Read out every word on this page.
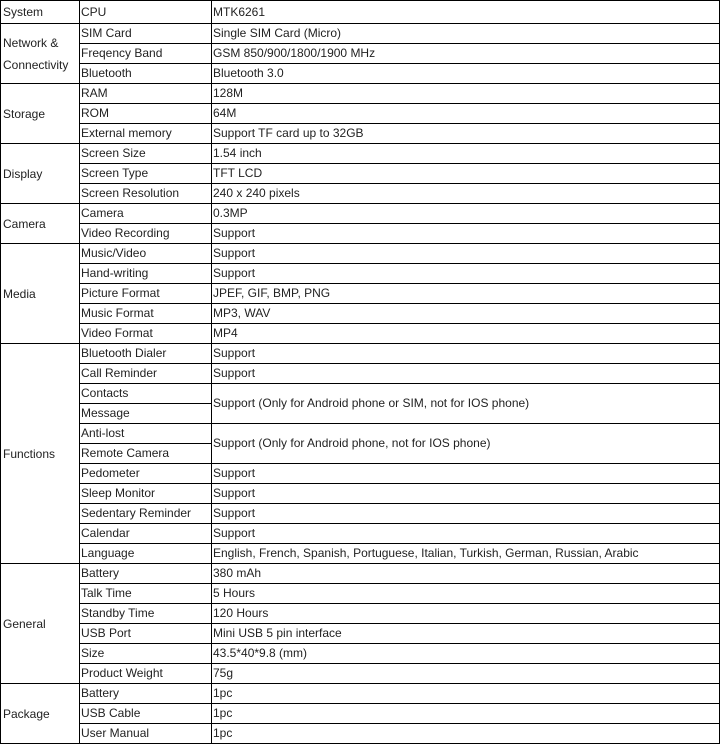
System	CPU	MTK6261
Network & Connectivity	SIM Card	Single SIM Card (Micro)
	Freqency Band	GSM 850/900/1800/1900 MHz
	Bluetooth	Bluetooth 3.0
Storage	RAM	128M
	ROM	64M
	External memory	Support TF card up to 32GB
Display	Screen Size	1.54 inch
	Screen Type	TFT LCD
	Screen Resolution	240 x 240 pixels
Camera	Camera	0.3MP
	Video Recording	Support
Media	Music/Video	Support
	Hand-writing	Support
	Picture Format	JPEF, GIF, BMP, PNG
	Music Format	MP3, WAV
	Video Format	MP4
Functions	Bluetooth Dialer	Support
	Call Reminder	Support
	Contacts	Support (Only for Android phone or SIM, not for IOS phone)
	Message	
	Anti-lost	Support (Only for Android phone, not for IOS phone)
	Remote Camera	
	Pedometer	Support
	Sleep Monitor	Support
	Sedentary Reminder	Support
	Calendar	Support
	Language	English, French, Spanish, Portuguese, Italian, Turkish, German, Russian, Arabic
General	Battery	380 mAh
	Talk Time	5 Hours
	Standby Time	120 Hours
	USB Port	Mini USB 5 pin interface
	Size	43.5*40*9.8 (mm)
	Product Weight	75g
Package	Battery	1pc
	USB Cable	1pc
	User Manual	1pc
